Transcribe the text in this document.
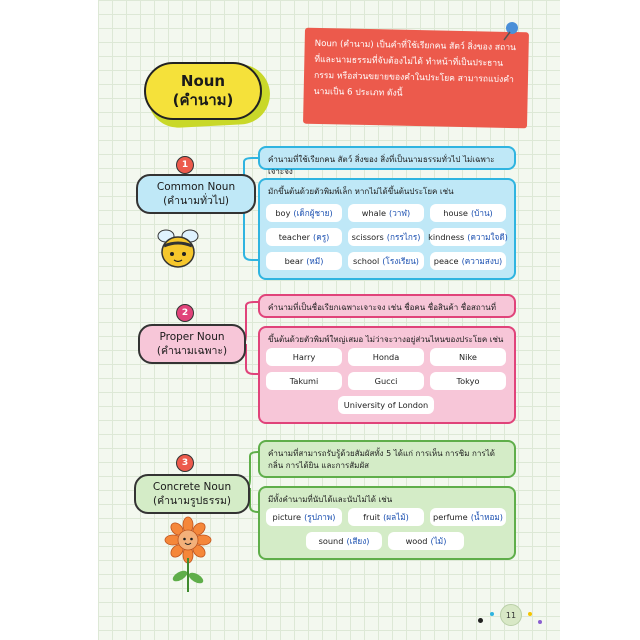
Noun (คำนาม) เป็นคำที่ใช้เรียกคน สัตว์ สิ่งของ สถานที่และนามธรรมที่จับต้องไม่ได้ ทำหน้าที่เป็นประธาน กรรม หรือส่วนขยายของคำในประโยค สามารถแบ่งคำนามเป็น 6 ประเภท ดังนี้
Noun
(คำนาม)
1
Common Noun
(คำนามทั่วไป)
คำนามที่ใช้เรียกคน สัตว์ สิ่งของ สิ่งที่เป็นนามธรรมทั่วไป ไม่เฉพาะเจาะจง
มักขึ้นต้นด้วยตัวพิมพ์เล็ก หากไม่ได้ขึ้นต้นประโยค เช่น
boy (เด็กผู้ชาย)	whale (วาฬ)	house (บ้าน)
teacher (ครู)	scissors (กรรไกร) kindness (ความใจดี)
bear (หมี)	school (โรงเรียน) peace (ความสงบ)
2
Proper Noun
(คำนามเฉพาะ)
คำนามที่เป็นชื่อเรียกเฉพาะเจาะจง เช่น ชื่อคน ชื่อสินค้า ชื่อสถานที่
ขึ้นต้นด้วยตัวพิมพ์ใหญ่เสมอ ไม่ว่าจะวางอยู่ส่วนไหนของประโยค เช่น
Harry	Honda	Nike
Takumi	Gucci	Tokyo
University of London
3
Concrete Noun
(คำนามรูปธรรม)
คำนามที่สามารถรับรู้ด้วยสัมผัสทั้ง 5 ได้แก่ การเห็น การชิม การได้กลิ่น การได้ยิน และการสัมผัส
มีทั้งคำนามที่นับได้และนับไม่ได้ เช่น
picture (รูปภาพ)	fruit (ผลไม้)	perfume (น้ำหอม)
sound (เสียง)	wood (ไม้)
11
